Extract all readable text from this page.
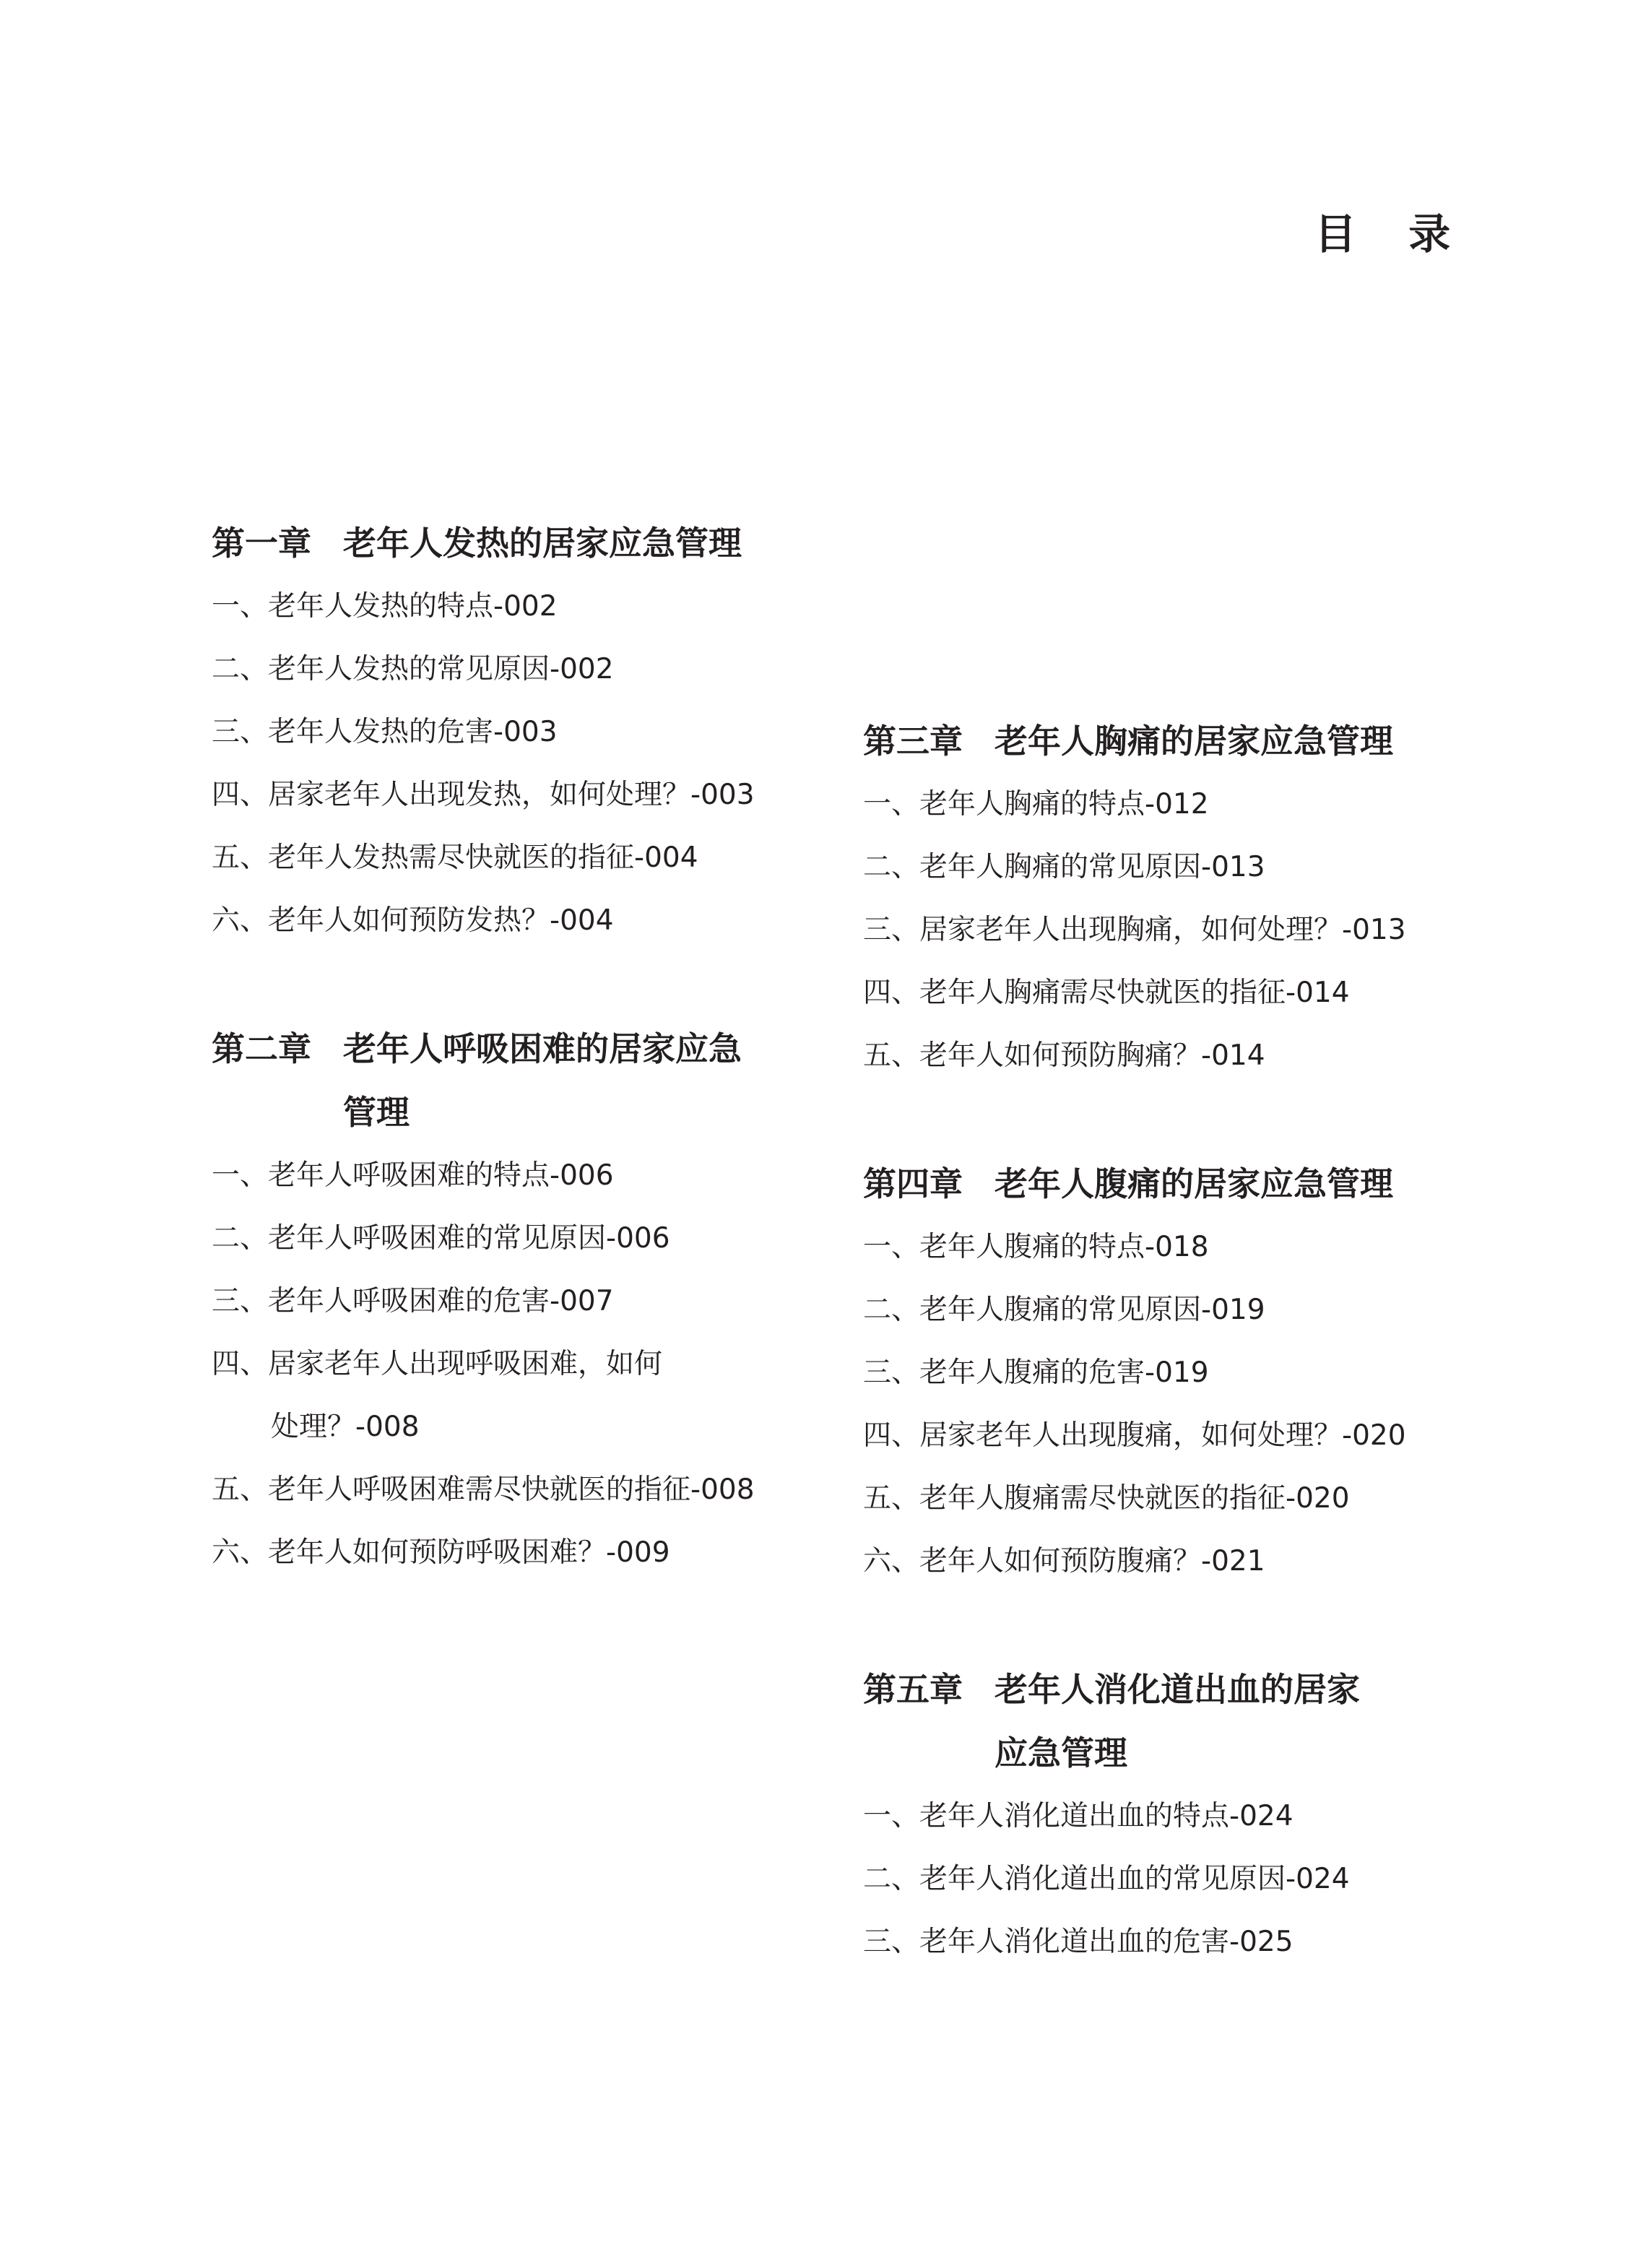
目 录
第一章 老年人发热的居家应急管理
一、老年人发热的特点-002
二、老年人发热的常见原因-002
三、老年人发热的危害-003
四、居家老年人出现发热，如何处理？-003
五、老年人发热需尽快就医的指征-004
六、老年人如何预防发热？-004
第二章 老年人呼吸困难的居家应急
管理
一、老年人呼吸困难的特点-006
二、老年人呼吸困难的常见原因-006
三、老年人呼吸困难的危害-007
四、居家老年人出现呼吸困难，如何
处理？-008
五、老年人呼吸困难需尽快就医的指征-008
六、老年人如何预防呼吸困难？-009
第三章 老年人胸痛的居家应急管理
一、老年人胸痛的特点-012
二、老年人胸痛的常见原因-013
三、居家老年人出现胸痛，如何处理？-013
四、老年人胸痛需尽快就医的指征-014
五、老年人如何预防胸痛？-014
第四章 老年人腹痛的居家应急管理
一、老年人腹痛的特点-018
二、老年人腹痛的常见原因-019
三、老年人腹痛的危害-019
四、居家老年人出现腹痛，如何处理？-020
五、老年人腹痛需尽快就医的指征-020
六、老年人如何预防腹痛？-021
第五章 老年人消化道出血的居家
应急管理
一、老年人消化道出血的特点-024
二、老年人消化道出血的常见原因-024
三、老年人消化道出血的危害-025
